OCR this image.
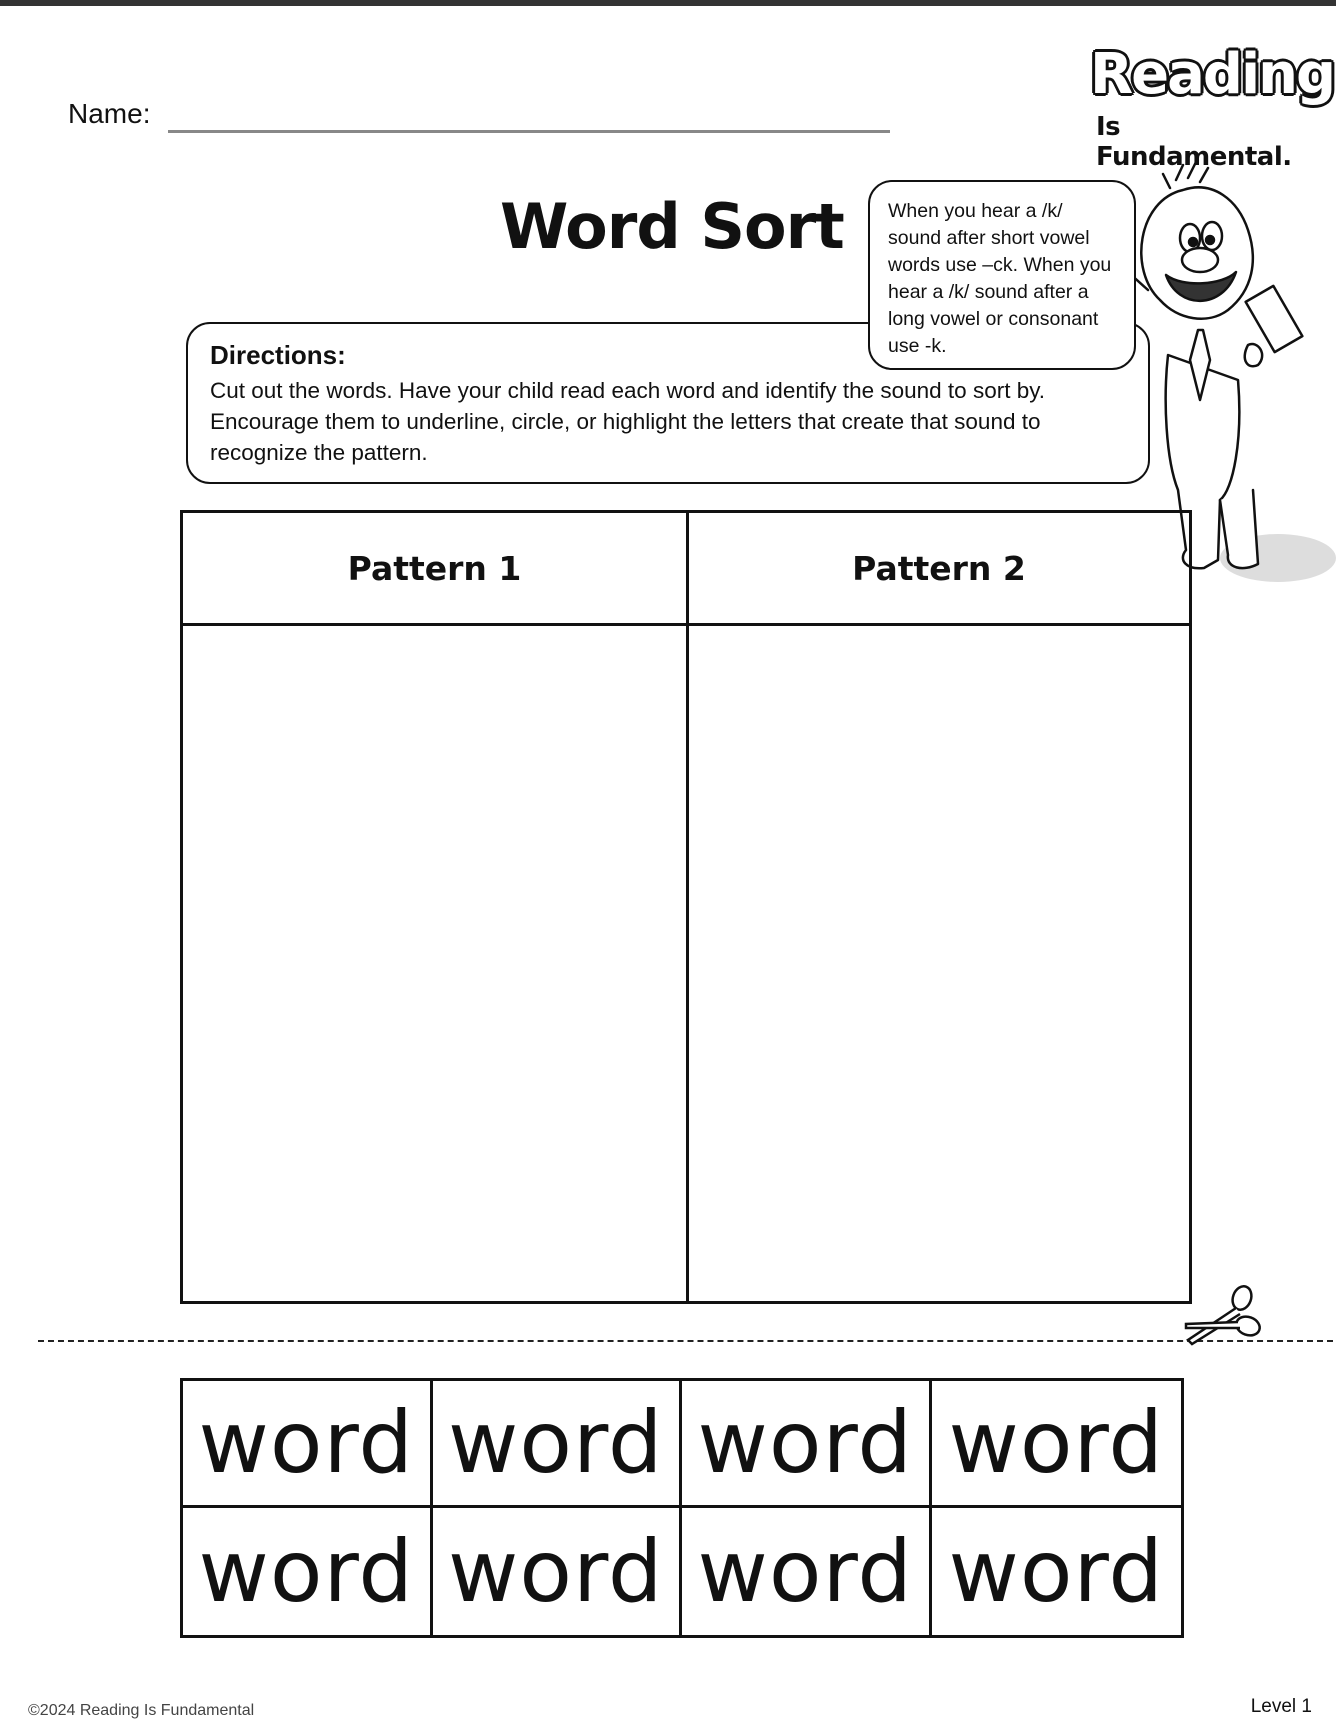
Name:
Reading
Is Fundamental.
Word Sort
Directions:
Cut out the words. Have your child read each word and identify the sound to sort by. Encourage them to underline, circle, or highlight the letters that create that sound to recognize the pattern.
When you hear a /k/ sound after short vowel words use –ck. When you hear a /k/ sound after a long vowel or consonant use -k.
Pattern 1	Pattern 2
word word word word
word word word word
©2024 Reading Is Fundamental	Level 1
